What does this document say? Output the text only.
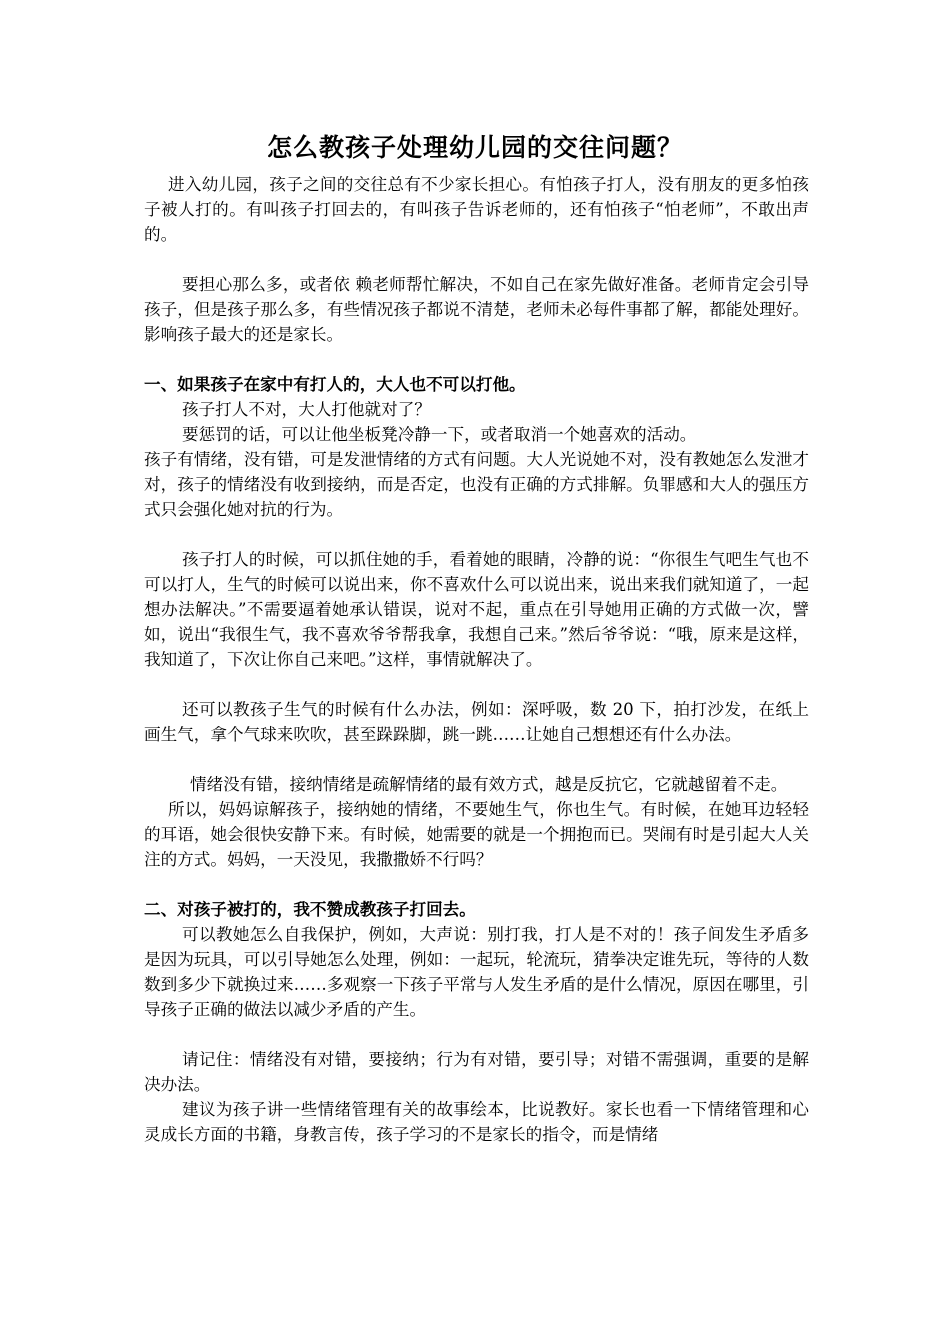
怎么教孩子处理幼儿园的交往问题？

进入幼儿园，孩子之间的交往总有不少家长担心。有怕孩子打人，没有朋友的更多怕孩子被人打的。有叫孩子打回去的，有叫孩子告诉老师的，还有怕孩子“怕老师”，不敢出声的。

要担心那么多，或者依 赖老师帮忙解决，不如自己在家先做好准备。老师肯定会引导孩子，但是孩子那么多，有些情况孩子都说不清楚，老师未必每件事都了解，都能处理好。影响孩子最大的还是家长。

一、如果孩子在家中有打人的，大人也不可以打他。

孩子打人不对，大人打他就对了？

要惩罚的话，可以让他坐板凳冷静一下，或者取消一个她喜欢的活动。

孩子有情绪，没有错，可是发泄情绪的方式有问题。大人光说她不对，没有教她怎么发泄才对，孩子的情绪没有收到接纳，而是否定，也没有正确的方式排解。负罪感和大人的强压方式只会强化她对抗的行为。

孩子打人的时候，可以抓住她的手，看着她的眼睛，冷静的说：“你很生气吧生气也不可以打人，生气的时候可以说出来，你不喜欢什么可以说出来，说出来我们就知道了，一起想办法解决。”不需要逼着她承认错误，说对不起，重点在引导她用正确的方式做一次，譬如，说出“我很生气，我不喜欢爷爷帮我拿，我想自己来。”然后爷爷说：“哦，原来是这样，我知道了，下次让你自己来吧。”这样，事情就解决了。

还可以教孩子生气的时候有什么办法，例如：深呼吸，数 20 下，拍打沙发，在纸上画生气，拿个气球来吹吹，甚至跺跺脚，跳一跳……让她自己想想还有什么办法。

情绪没有错，接纳情绪是疏解情绪的最有效方式，越是反抗它，它就越留着不走。

所以，妈妈谅解孩子，接纳她的情绪，不要她生气，你也生气。有时候，在她耳边轻轻的耳语，她会很快安静下来。有时候，她需要的就是一个拥抱而已。哭闹有时是引起大人关注的方式。妈妈，一天没见，我撒撒娇不行吗？

二、对孩子被打的，我不赞成教孩子打回去。

可以教她怎么自我保护，例如，大声说：别打我，打人是不对的！孩子间发生矛盾多是因为玩具，可以引导她怎么处理，例如：一起玩，轮流玩，猜拳决定谁先玩，等待的人数数到多少下就换过来……多观察一下孩子平常与人发生矛盾的是什么情况，原因在哪里，引导孩子正确的做法以减少矛盾的产生。

请记住：情绪没有对错，要接纳；行为有对错，要引导；对错不需强调，重要的是解决办法。

建议为孩子讲一些情绪管理有关的故事绘本，比说教好。家长也看一下情绪管理和心灵成长方面的书籍，身教言传，孩子学习的不是家长的指令，而是情绪
